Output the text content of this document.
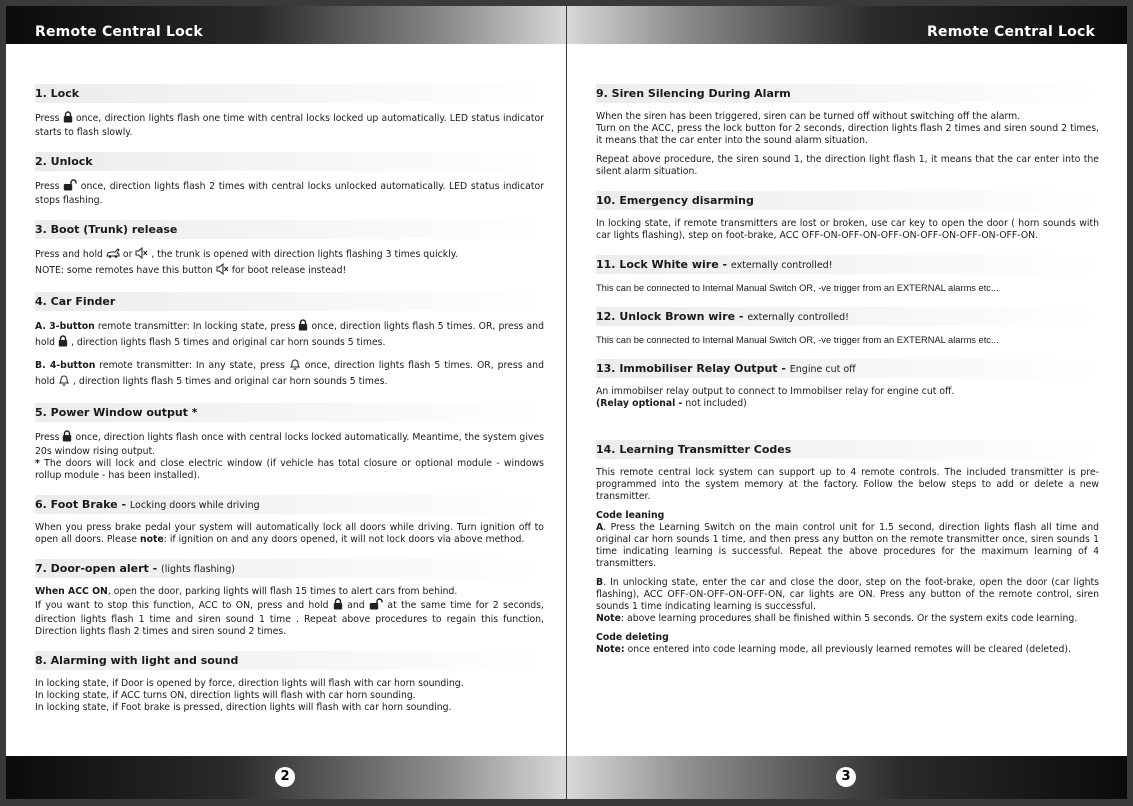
Remote Central Lock
1. Lock

Press once, direction lights flash one time with central locks locked up automatically. LED status indicator starts to flash slowly.

2. Unlock

Press once, direction lights flash 2 times with central locks unlocked automatically. LED status indicator stops flashing.

3. Boot (Trunk) release

Press and hold or , the trunk is opened with direction lights flashing 3 times quickly.

NOTE: some remotes have this button for boot release instead!

4. Car Finder

A. 3-button remote transmitter: In locking state, press once, direction lights flash 5 times. OR, press and hold , direction lights flash 5 times and original car horn sounds 5 times.

B. 4-button remote transmitter: In any state, press once, direction lights flash 5 times. OR, press and hold , direction lights flash 5 times and original car horn sounds 5 times.

5. Power Window output *

Press once, direction lights flash once with central locks locked automatically. Meantime, the system gives 20s window rising output.

* The doors will lock and close electric window (if vehicle has total closure or optional module - windows rollup module - has been installed).

6. Foot Brake - Locking doors while driving

When you press brake pedal your system will automatically lock all doors while driving. Turn ignition off to open all doors. Please note: if ignition on and any doors opened, it will not lock doors via above method.

7. Door-open alert - (lights flashing)

When ACC ON, open the door, parking lights will flash 15 times to alert cars from behind.

If you want to stop this function, ACC to ON, press and hold and at the same time for 2 seconds, direction lights flash 1 time and siren sound 1 time . Repeat above procedures to regain this function, Direction lights flash 2 times and siren sound 2 times.

8. Alarming with light and sound

In locking state, if Door is opened by force, direction lights will flash with car horn sounding.

In locking state, if ACC turns ON, direction lights will flash with car horn sounding.

In locking state, if Foot brake is pressed, direction lights will flash with car horn sounding.

2
Remote Central Lock
9. Siren Silencing During Alarm

When the siren has been triggered, siren can be turned off without switching off the alarm.

Turn on the ACC, press the lock button for 2 seconds, direction lights flash 2 times and siren sound 2 times, it means that the car enter into the sound alarm situation.

Repeat above procedure, the siren sound 1, the direction light flash 1, it means that the car enter into the silent alarm situation.

10. Emergency disarming

In locking state, if remote transmitters are lost or broken, use car key to open the door ( horn sounds with car lights flashing), step on foot-brake, ACC OFF-ON-OFF-ON-OFF-ON-OFF-ON-OFF-ON-OFF-ON.

11. Lock White wire - externally controlled!

This can be connected to Internal Manual Switch OR, -ve trigger from an EXTERNAL alarms etc...

12. Unlock Brown wire - externally controlled!

This can be connected to Internal Manual Switch OR, -ve trigger from an EXTERNAL alarms etc...

13. Immobiliser Relay Output - Engine cut off

An immobilser relay output to connect to Immobilser relay for engine cut off.

(Relay optional - not included)

14. Learning Transmitter Codes

This remote central lock system can support up to 4 remote controls. The included transmitter is pre-programmed into the system memory at the factory. Follow the below steps to add or delete a new transmitter.

Code leaning

A. Press the Learning Switch on the main control unit for 1.5 second, direction lights flash all time and original car horn sounds 1 time, and then press any button on the remote transmitter once, siren sounds 1 time indicating learning is successful. Repeat the above procedures for the maximum learning of 4 transmitters.

B. In unlocking state, enter the car and close the door, step on the foot-brake, open the door (car lights flashing), ACC OFF-ON-OFF-ON-OFF-ON, car lights are ON. Press any button of the remote control, siren sounds 1 time indicating learning is successful.

Note: above learning procedures shall be finished within 5 seconds. Or the system exits code learning.

Code deleting

Note: once entered into code learning mode, all previously learned remotes will be cleared (deleted).

3
